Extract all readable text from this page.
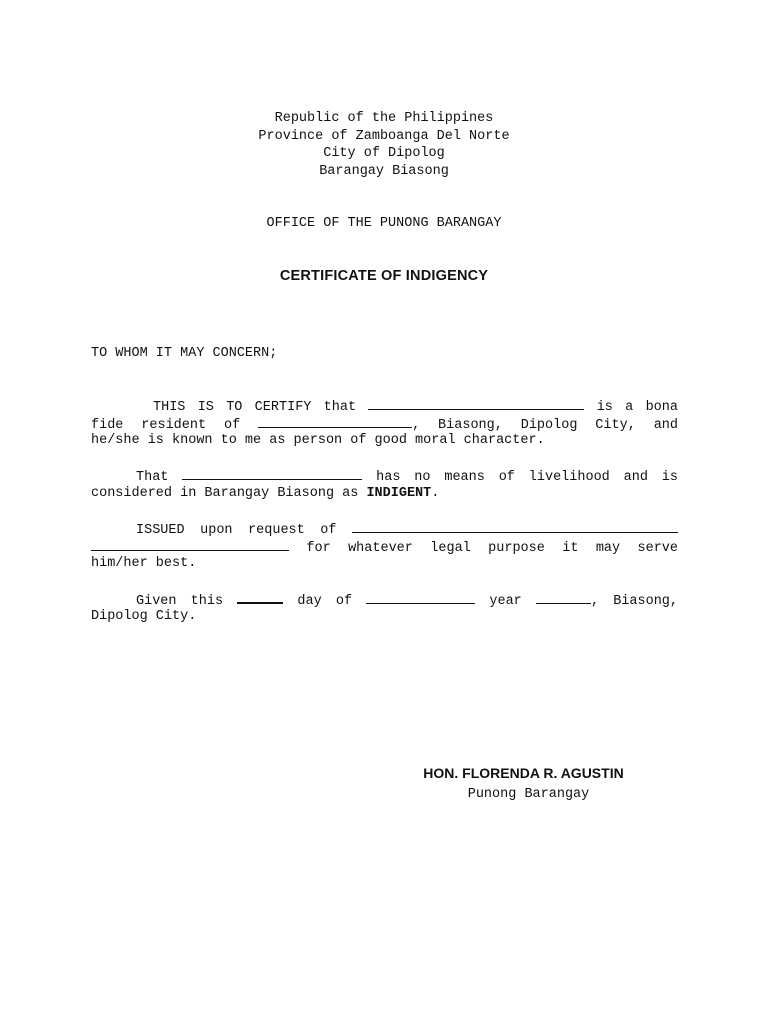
Republic of the Philippines
Province of Zamboanga Del Norte
City of Dipolog
Barangay Biasong
OFFICE OF THE PUNONG BARANGAY
CERTIFICATE OF INDIGENCY
TO WHOM IT MAY CONCERN;
THIS IS TO CERTIFY that	is a bona
fide resident of	, Biasong, Dipolog City, and
he/she is known to me as person of good moral character.
That	has no means of livelihood and is
considered in Barangay Biasong as INDIGENT.
ISSUED upon request of
for whatever legal purpose it may serve
him/her best.
Given this	day of	year	, Biasong,
Dipolog City.
HON. FLORENDA R. AGUSTIN
Punong Barangay
